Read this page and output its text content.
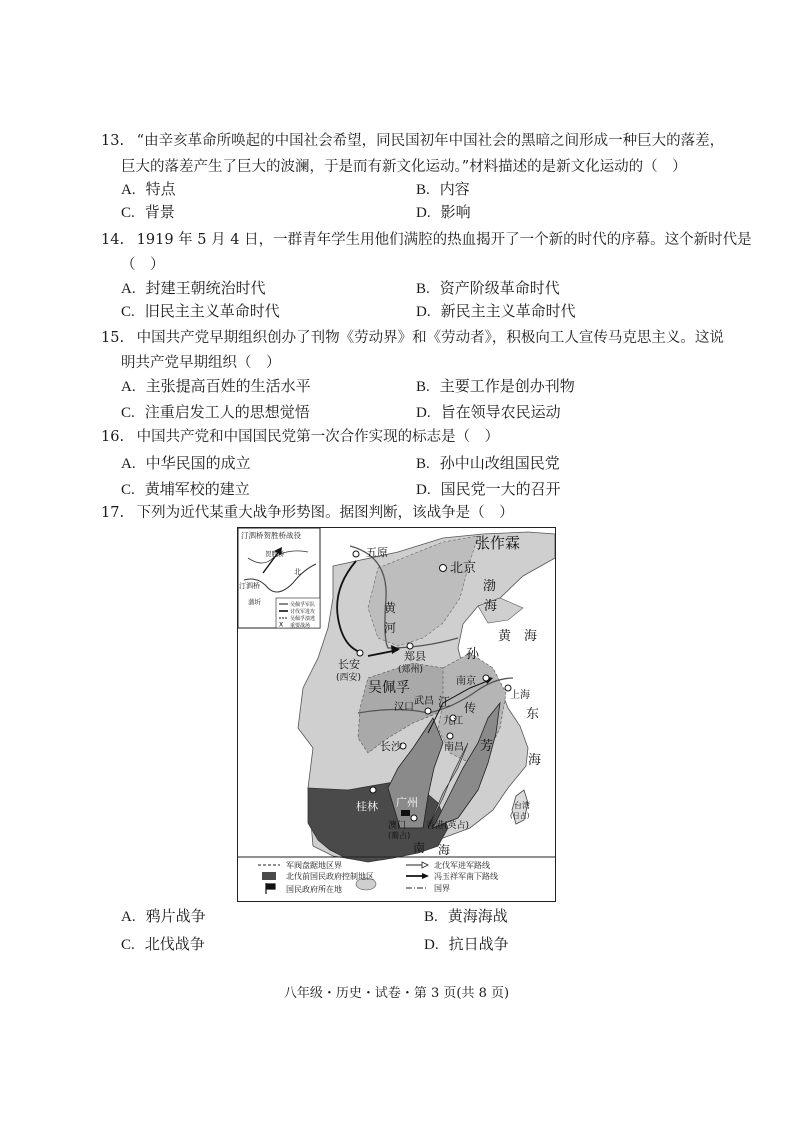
13. “由辛亥革命所唤起的中国社会希望，同民国初年中国社会的黑暗之间形成一种巨大的落差，
巨大的落差产生了巨大的波澜，于是而有新文化运动。”材料描述的是新文化运动的（　）
A. 特点	B. 内容
C. 背景	D. 影响
14. 1919 年 5 月 4 日，一群青年学生用他们满腔的热血揭开了一个新的时代的序幕。这个新时代是
（　）
A. 封建王朝统治时代	B. 资产阶级革命时代
C. 旧民主主义革命时代	D. 新民主主义革命时代
15. 中国共产党早期组织创办了刊物《劳动界》和《劳动者》，积极向工人宣传马克思主义。这说
明共产党早期组织（　）
A. 主张提高百姓的生活水平	B. 主要工作是创办刊物
C. 注重启发工人的思想觉悟	D. 旨在领导农民运动
16. 中国共产党和中国国民党第一次合作实现的标志是（　）
A. 中华民国的成立	B. 孙中山改组国民党
C. 黄埔军校的建立	D. 国民党一大的召开
17. 下列为近代某重大战争形势图。据图判断，该战争是（　）
X
汀泗桥贺胜桥战役
贺胜桥
北
汀泗桥
蒲圻	吴佩孚军队
讨伐军进攻
吴佩孚溃逃
重要战场
张作霖
五原
北京
渤
海
黄
河
长安
(西安)
郑县
(郑州)
黄　海
孙
南京
上海
吴佩孚
武昌 江
汉口	传
九江	东
长沙	南昌 芳
海
桂林 广州	台湾
(日占)
澳门
(葡占)
香港(英占)
南 海
军阀盘踞地区界
北伐前国民政府控制地区
国民政府所在地
北伐军进军路线
冯玉祥军南下路线
国界
A. 鸦片战争	B. 黄海海战
C. 北伐战争	D. 抗日战争
八年级・历史・试卷・第 3 页(共 8 页)
